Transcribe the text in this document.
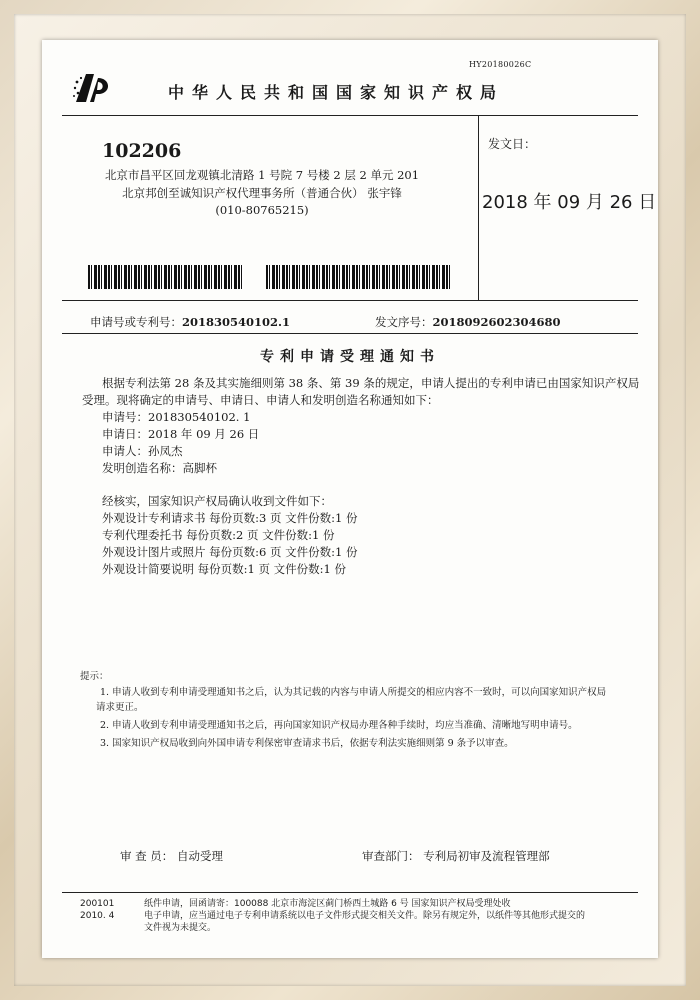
HY20180026C
中华人民共和国国家知识产权局
102206
北京市昌平区回龙观镇北清路 1 号院 7 号楼 2 层 2 单元 201
北京邦创至诚知识产权代理事务所（普通合伙） 张宇锋
(010-80765215)
发文日：
2018 年 09 月 26 日
申请号或专利号：201830540102.1	发文序号：2018092602304680
专利申请受理通知书
根据专利法第 28 条及其实施细则第 38 条、第 39 条的规定，申请人提出的专利申请已由国家知识产权局
受理。现将确定的申请号、申请日、申请人和发明创造名称通知如下：
申请号：201830540102. 1
申请日：2018 年 09 月 26 日
申请人：孙凤杰
发明创造名称：高脚杯
经核实，国家知识产权局确认收到文件如下：
外观设计专利请求书 每份页数:3 页 文件份数:1 份
专利代理委托书 每份页数:2 页 文件份数:1 份
外观设计图片或照片 每份页数:6 页 文件份数:1 份
外观设计简要说明 每份页数:1 页 文件份数:1 份
提示：
1. 申请人收到专利申请受理通知书之后，认为其记载的内容与申请人所提交的相应内容不一致时，可以向国家知识产权局
请求更正。
2. 申请人收到专利申请受理通知书之后，再向国家知识产权局办理各种手续时，均应当准确、清晰地写明申请号。
3. 国家知识产权局收到向外国申请专利保密审查请求书后，依据专利法实施细则第 9 条予以审查。
审 查 员： 自动受理	审查部门： 专利局初审及流程管理部
200101
2010. 4
纸件申请，回函请寄：100088 北京市海淀区蓟门桥西土城路 6 号 国家知识产权局受理处收
电子申请，应当通过电子专利申请系统以电子文件形式提交相关文件。除另有规定外，以纸件等其他形式提交的
文件视为未提交。
